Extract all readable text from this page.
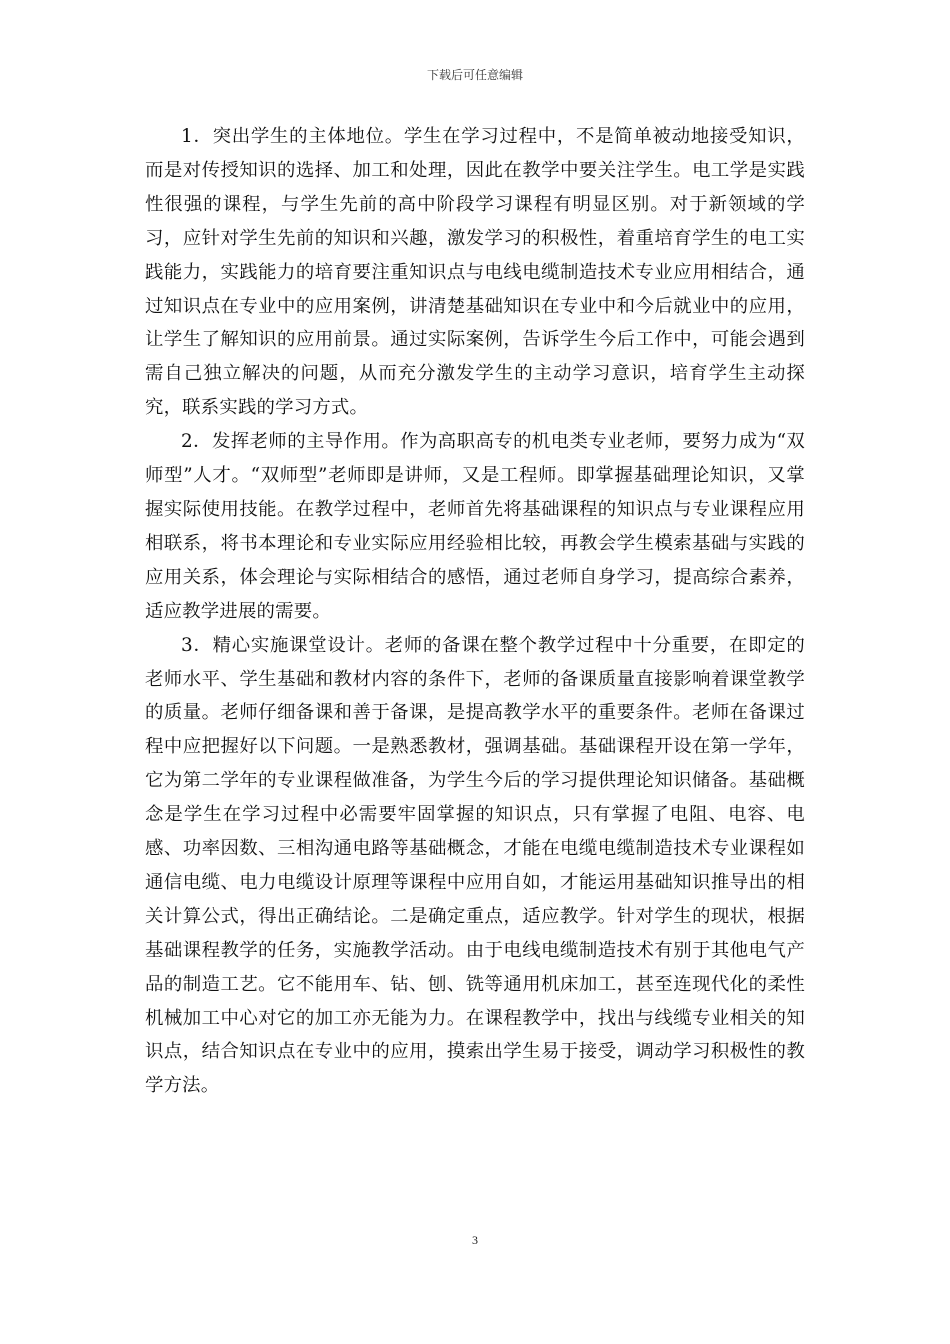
下载后可任意编辑

1．突出学生的主体地位。学生在学习过程中，不是简单被动地接受知识，而是对传授知识的选择、加工和处理，因此在教学中要关注学生。电工学是实践性很强的课程，与学生先前的高中阶段学习课程有明显区别。对于新领域的学习，应针对学生先前的知识和兴趣，激发学习的积极性，着重培育学生的电工实践能力，实践能力的培育要注重知识点与电线电缆制造技术专业应用相结合，通过知识点在专业中的应用案例，讲清楚基础知识在专业中和今后就业中的应用，让学生了解知识的应用前景。通过实际案例，告诉学生今后工作中，可能会遇到需自己独立解决的问题，从而充分激发学生的主动学习意识，培育学生主动探究，联系实践的学习方式。

2．发挥老师的主导作用。作为高职高专的机电类专业老师，要努力成为“双师型”人才。“双师型”老师即是讲师，又是工程师。即掌握基础理论知识，又掌握实际使用技能。在教学过程中，老师首先将基础课程的知识点与专业课程应用相联系，将书本理论和专业实际应用经验相比较，再教会学生模索基础与实践的应用关系，体会理论与实际相结合的感悟，通过老师自身学习，提高综合素养，适应教学进展的需要。

3．精心实施课堂设计。老师的备课在整个教学过程中十分重要，在即定的老师水平、学生基础和教材内容的条件下，老师的备课质量直接影响着课堂教学的质量。老师仔细备课和善于备课，是提高教学水平的重要条件。老师在备课过程中应把握好以下问题。一是熟悉教材，强调基础。基础课程开设在第一学年，它为第二学年的专业课程做准备，为学生今后的学习提供理论知识储备。基础概念是学生在学习过程中必需要牢固掌握的知识点，只有掌握了电阻、电容、电感、功率因数、三相沟通电路等基础概念，才能在电缆电缆制造技术专业课程如通信电缆、电力电缆设计原理等课程中应用自如，才能运用基础知识推导出的相关计算公式，得出正确结论。二是确定重点，适应教学。针对学生的现状，根据基础课程教学的任务，实施教学活动。由于电线电缆制造技术有别于其他电气产品的制造工艺。它不能用车、钻、刨、铣等通用机床加工，甚至连现代化的柔性机械加工中心对它的加工亦无能为力。在课程教学中，找出与线缆专业相关的知识点，结合知识点在专业中的应用，摸索出学生易于接受，调动学习积极性的教学方法。

3
